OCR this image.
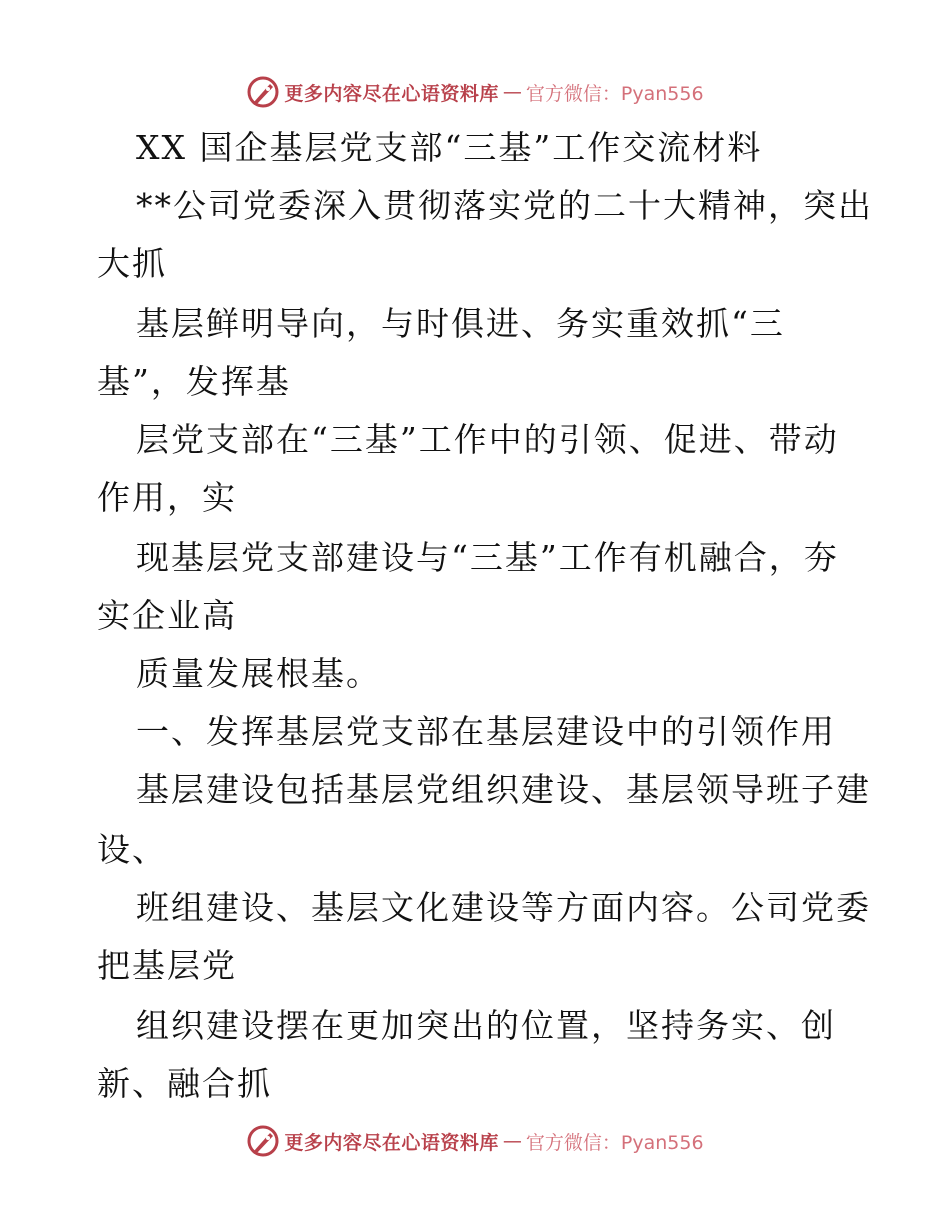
更多内容尽在心语资料库 — 官方微信：Pyan556
XX 国企基层党支部“三基”工作交流材料
**公司党委深入贯彻落实党的二十大精神，突出
大抓
基层鲜明导向，与时俱进、务实重效抓“三
基”，发挥基
层党支部在“三基”工作中的引领、促进、带动
作用，实
现基层党支部建设与“三基”工作有机融合，夯
实企业高
质量发展根基。
一、发挥基层党支部在基层建设中的引领作用
基层建设包括基层党组织建设、基层领导班子建
设、
班组建设、基层文化建设等方面内容。公司党委
把基层党
组织建设摆在更加突出的位置，坚持务实、创
新、融合抓
更多内容尽在心语资料库 — 官方微信：Pyan556
